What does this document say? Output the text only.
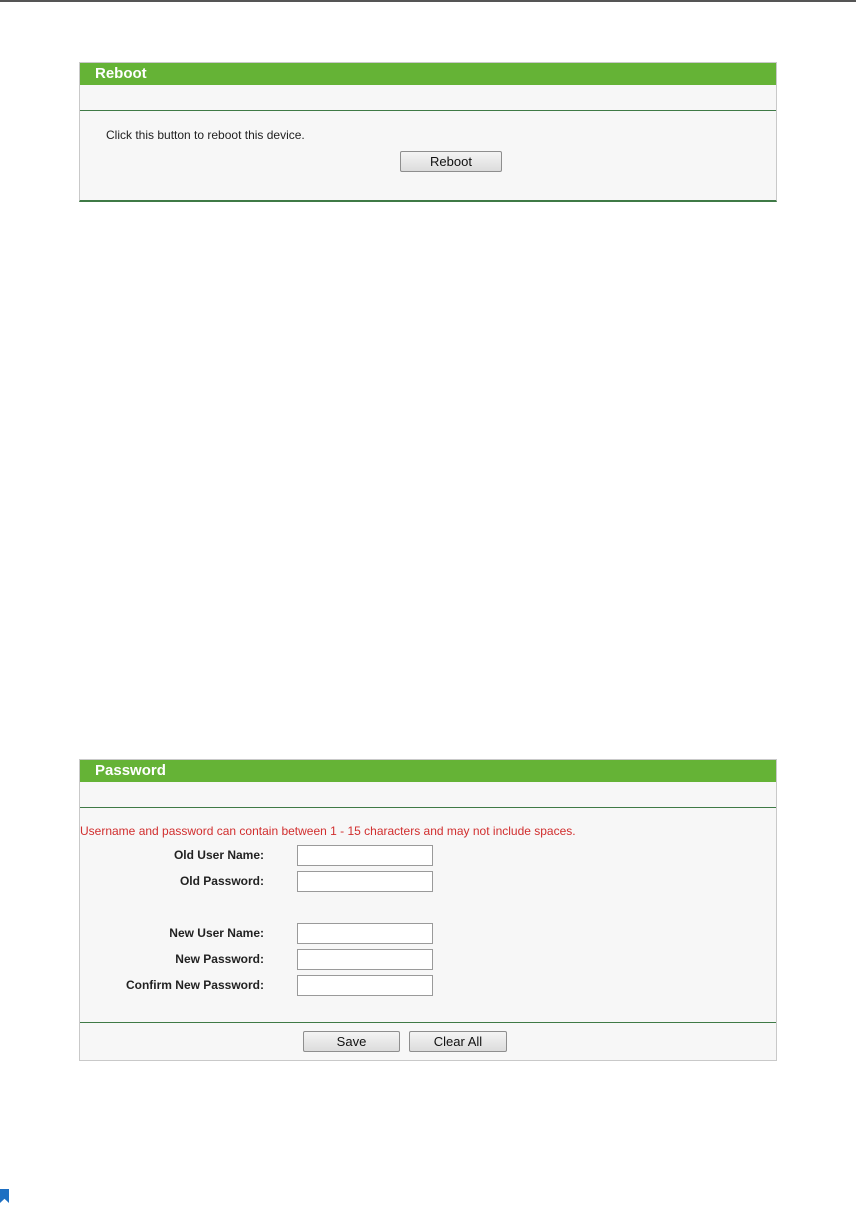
Reboot
Click this button to reboot this device.
Reboot
Password
Username and password can contain between 1 - 15 characters and may not include spaces.
Old User Name:
Old Password:
New User Name:
New Password:
Confirm New Password:
Save	Clear All
